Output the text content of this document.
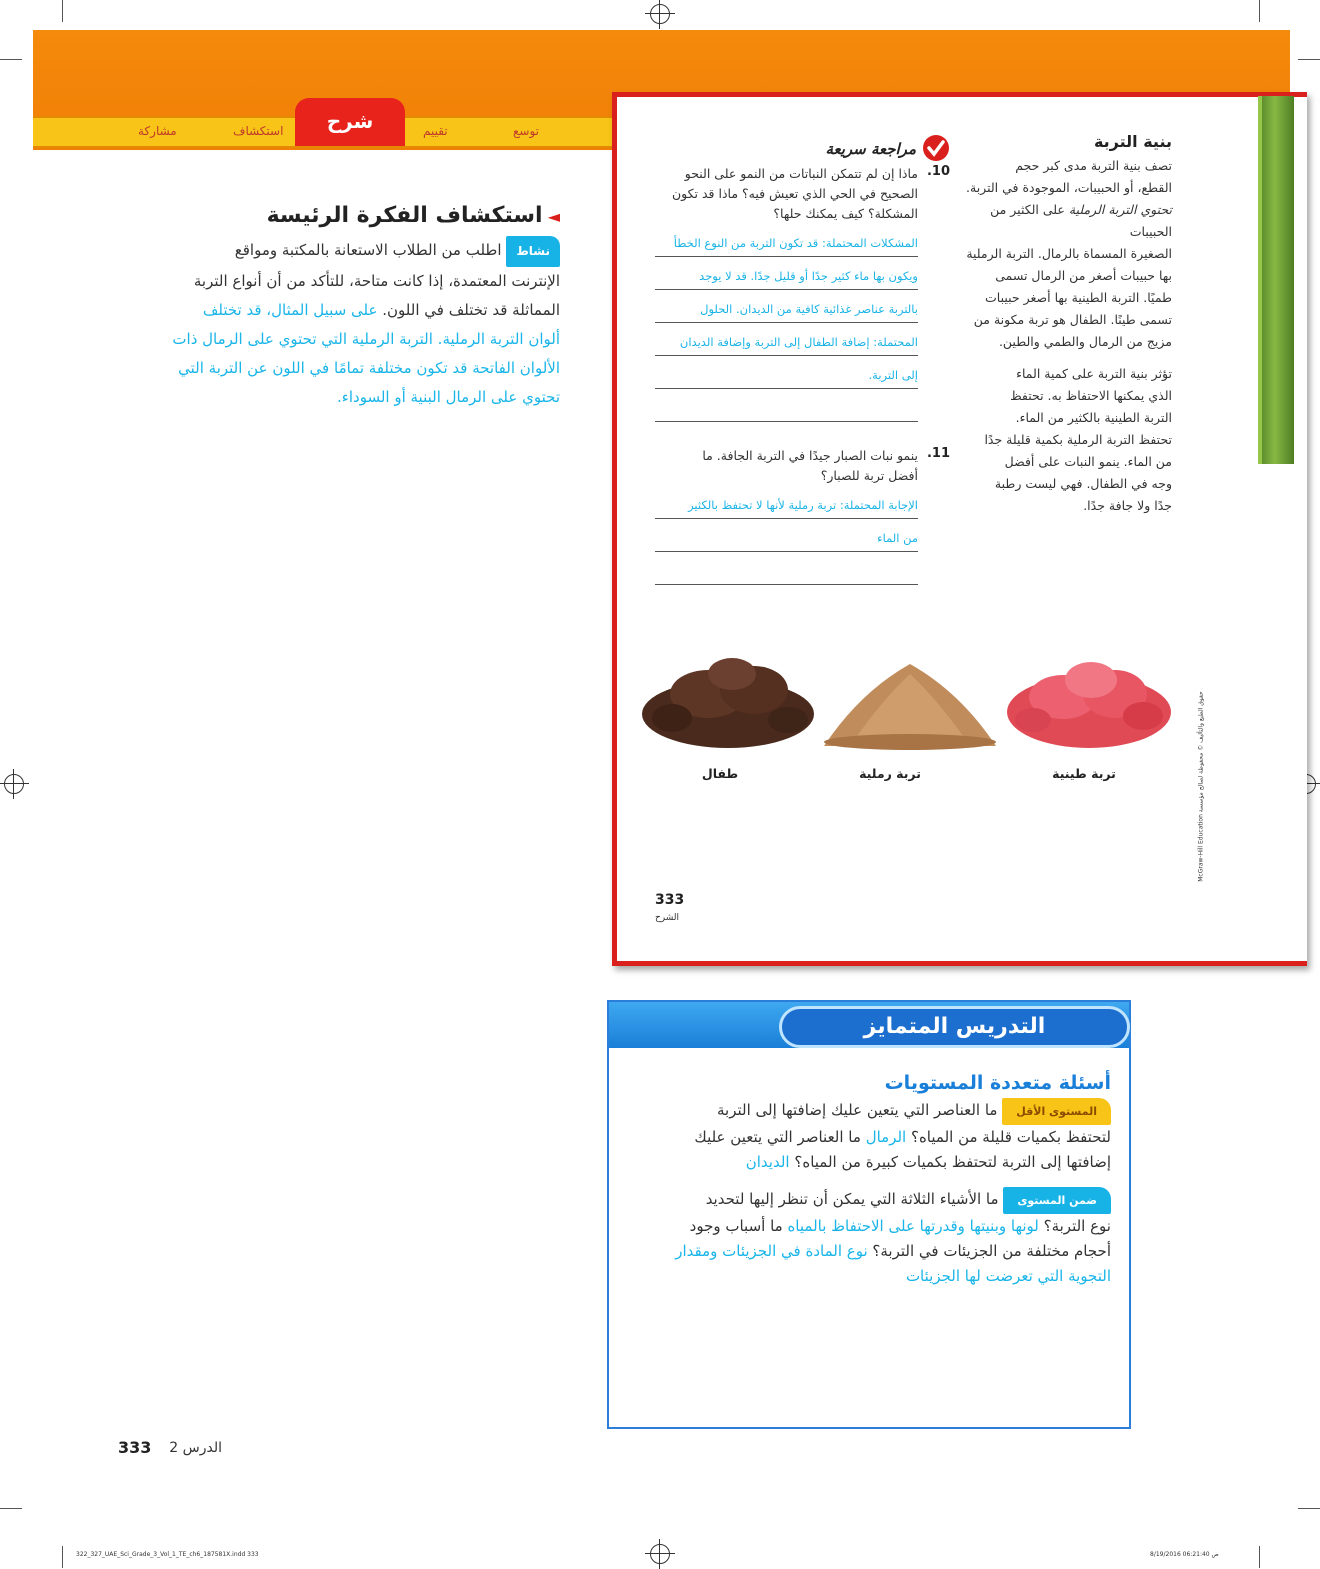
توسع
تقييم
استكشاف
مشاركة	شرح
بنية التربة
تصف بنية التربة مدى كبر حجم
القطع، أو الحبيبات، الموجودة في التربة.
تحتوي التربة الرملية على الكثير من الحبيبات
الصغيرة المسماة بالرمال. التربة الرملية
بها حبيبات أصغر من الرمال تسمى
طميًا. التربة الطينية بها أصغر حبيبات
تسمى طينًا. الطفال هو تربة مكونة من
مزيج من الرمال والطمي والطين.
تؤثر بنية التربة على كمية الماء
الذي يمكنها الاحتفاظ به. تحتفظ
التربة الطينية بالكثير من الماء.
تحتفظ التربة الرملية بكمية قليلة جدًا
من الماء. ينمو النبات على أفضل
وجه في الطفال. فهي ليست رطبة
جدًا ولا جافة جدًا.
مراجعة سريعة
10.
ماذا إن لم تتمكن النباتات من النمو على النحو
الصحيح في الحي الذي تعيش فيه؟ ماذا قد تكون
المشكلة؟ كيف يمكنك حلها؟
المشكلات المحتملة: قد تكون التربة من النوع الخطأ
ويكون بها ماء كثير جدًا أو قليل جدًا. قد لا يوجد
بالتربة عناصر غذائية كافية من الديدان. الحلول
المحتملة: إضافة الطفال إلى التربة وإضافة الديدان
إلى التربة.
11.
ينمو نبات الصبار جيدًا في التربة الجافة. ما
أفضل تربة للصبار؟
الإجابة المحتملة: تربة رملية لأنها لا تحتفظ بالكثير
من الماء
تربة طينية
تربة رملية
طفال
McGraw-Hill Education حقوق الطبع والتأليف © محفوظة لصالح مؤسسة
333
الشرح
◄ استكشاف الفكرة الرئيسة
نشاط اطلب من الطلاب الاستعانة بالمكتبة ومواقع
الإنترنت المعتمدة، إذا كانت متاحة، للتأكد من أن أنواع التربة
المماثلة قد تختلف في اللون. على سبيل المثال، قد تختلف
ألوان التربة الرملية. التربة الرملية التي تحتوي على الرمال ذات
الألوان الفاتحة قد تكون مختلفة تمامًا في اللون عن التربة التي
تحتوي على الرمال البنية أو السوداء.
التدريس المتمايز
أسئلة متعددة المستويات
المستوى الأقل ما العناصر التي يتعين عليك إضافتها إلى التربة
لتحتفظ بكميات قليلة من المياه؟ الرمال ما العناصر التي يتعين عليك
إضافتها إلى التربة لتحتفظ بكميات كبيرة من المياه؟ الديدان
ضمن المستوى ما الأشياء الثلاثة التي يمكن أن تنظر إليها لتحديد
نوع التربة؟ لونها وبنيتها وقدرتها على الاحتفاظ بالمياه ما أسباب وجود
أحجام مختلفة من الجزيئات في التربة؟ نوع المادة في الجزيئات ومقدار
التجوية التي تعرضت لها الجزيئات
333	الدرس 2
322_327_UAE_Sci_Grade_3_Vol_1_TE_ch6_187581X.indd 333	8/19/2016 06:21:40 ص
